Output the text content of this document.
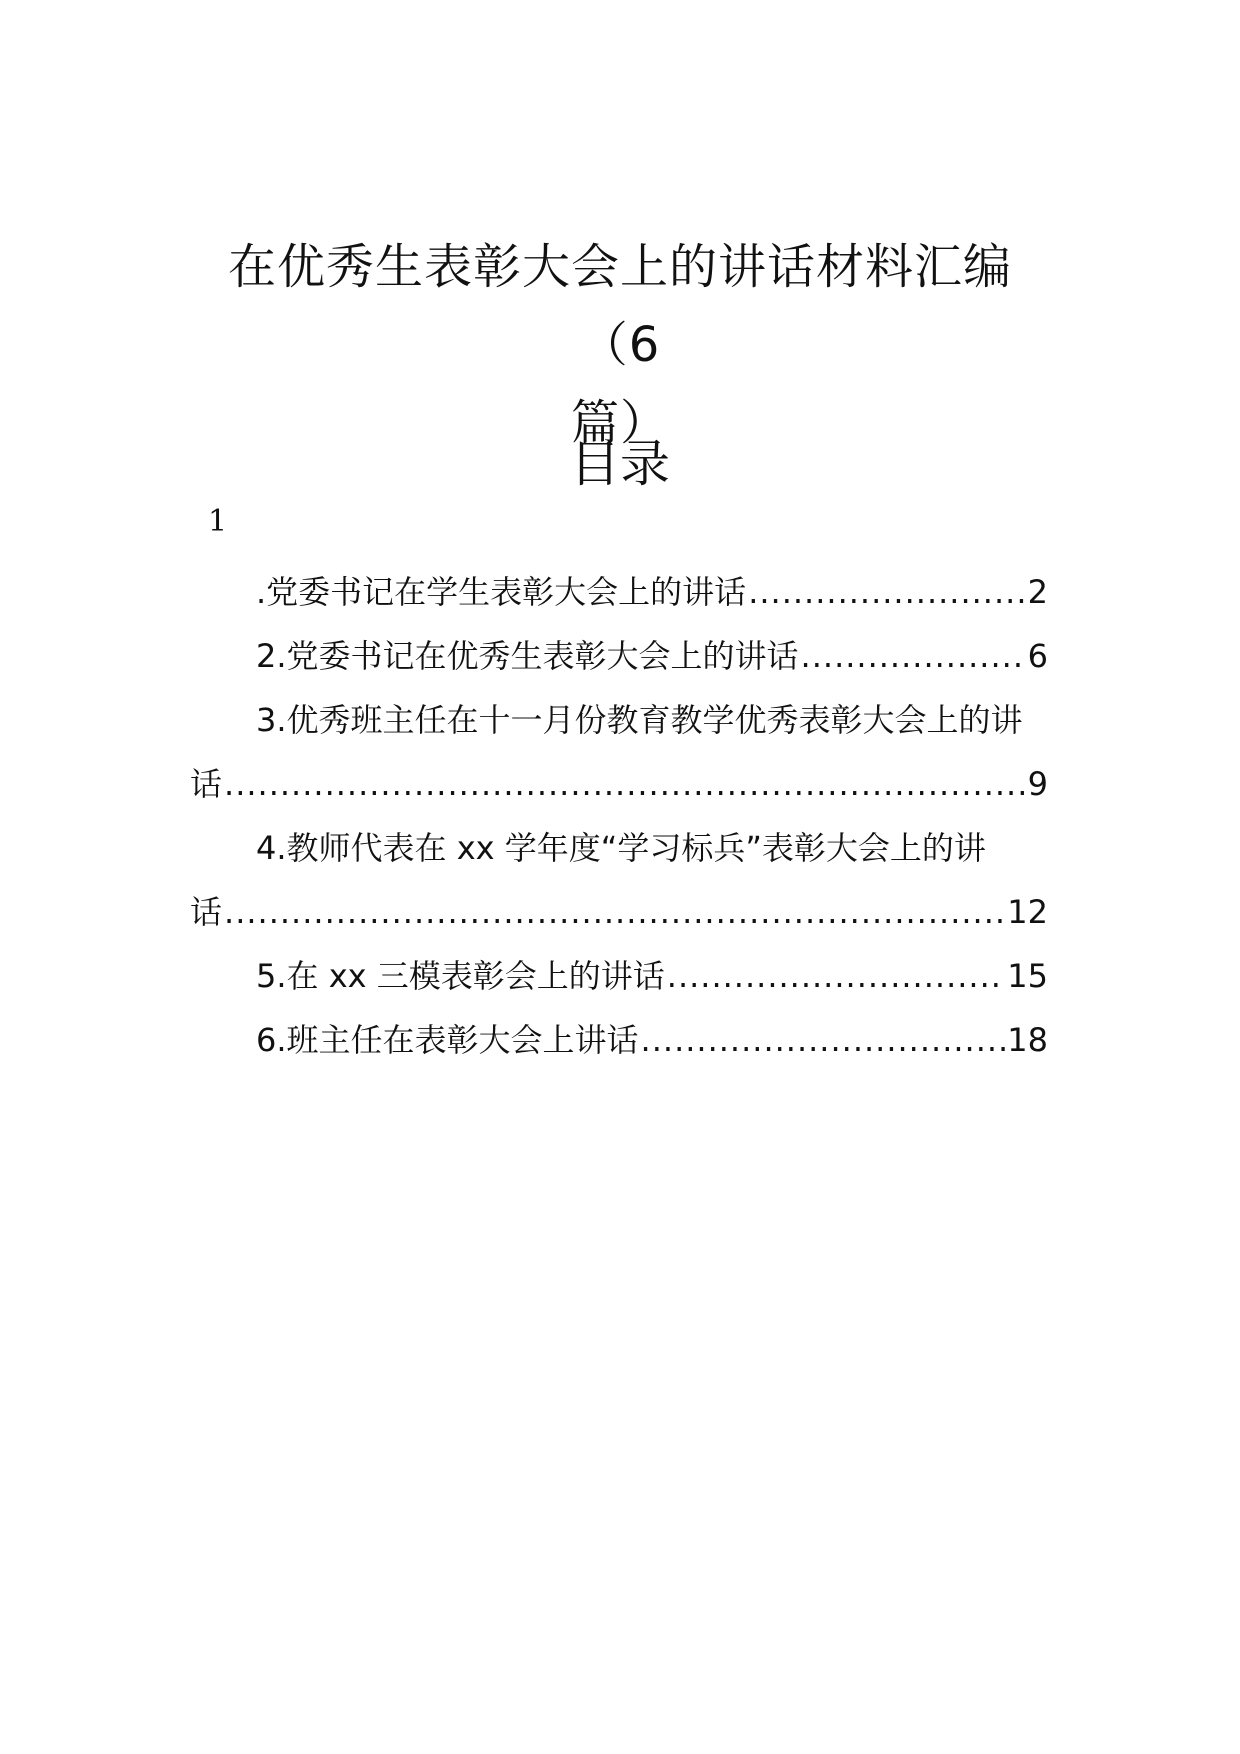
在优秀生表彰大会上的讲话材料汇编（6
篇）
目录
1
.党委书记在学生表彰大会上的讲话 .....	2
2.党委书记在优秀生表彰大会上的讲话 .....	6
3.优秀班主任在十一月份教育教学优秀表彰大会上的讲
话 .....	9
4.教师代表在 xx 学年度“学习标兵”表彰大会上的讲
话 .....	12
5.在 xx 三模表彰会上的讲话 .....	15
6.班主任在表彰大会上讲话 .....	18
